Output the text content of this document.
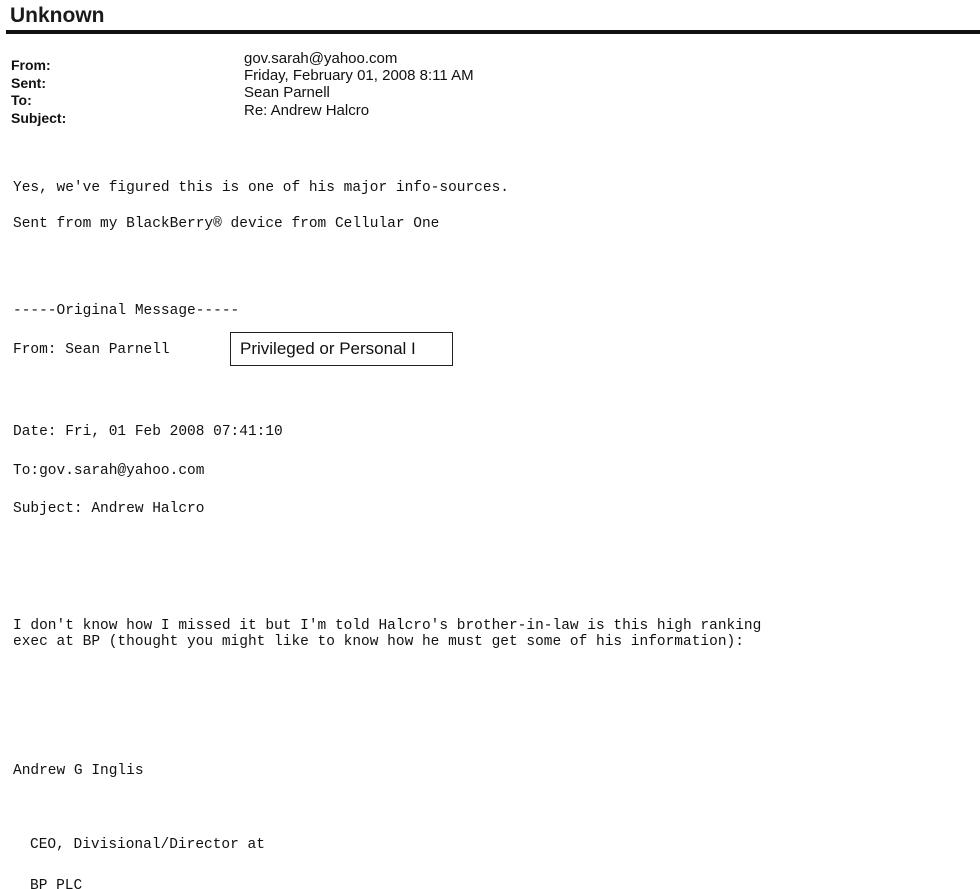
Unknown
From:	gov.sarah@yahoo.com
Sent:	Friday, February 01, 2008 8:11 AM
To:	Sean Parnell
Subject:	Re: Andrew Halcro
Yes, we've figured this is one of his major info-sources.
Sent from my BlackBerry® device from Cellular One
-----Original Message-----
From: Sean Parnell	Privileged or Personal I
Date: Fri, 01 Feb 2008 07:41:10
To:gov.sarah@yahoo.com
Subject: Andrew Halcro
I don't know how I missed it but I'm told Halcro's brother-in-law is this high ranking
exec at BP (thought you might like to know how he must get some of his information):
Andrew G Inglis
CEO, Divisional/Director at
BP PLC
